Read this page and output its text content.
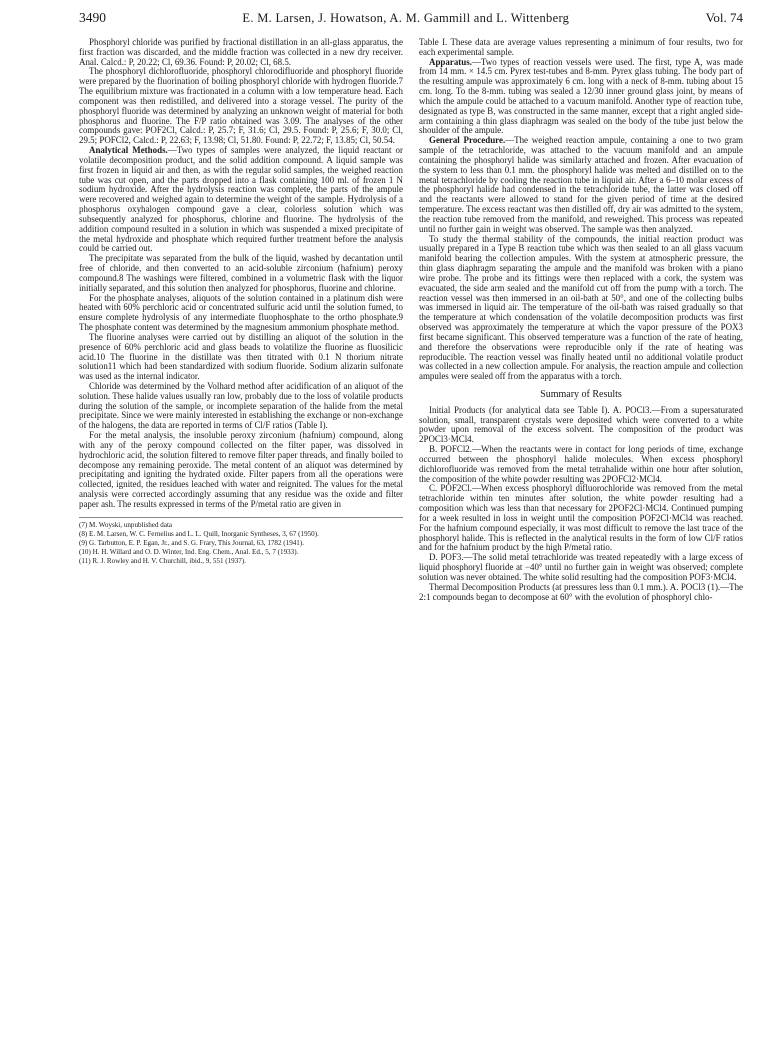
3490	E. M. Larsen, J. Howatson, A. M. Gammill and L. Wittenberg	Vol. 74

Phosphoryl chloride was purified by fractional distillation in an all-glass apparatus, the first fraction was discarded, and the middle fraction was collected in a new dry receiver. Anal. Calcd.: P, 20.22; Cl, 69.36. Found: P, 20.02; Cl, 68.5.

The phosphoryl dichlorofluoride, phosphoryl chlorodifluoride and phosphoryl fluoride were prepared by the fluorination of boiling phosphoryl chloride with hydrogen fluoride.7 The equilibrium mixture was fractionated in a column with a low temperature head. Each component was then redistilled, and delivered into a storage vessel. The purity of the phosphoryl fluoride was determined by analyzing an unknown weight of material for both phosphorus and fluorine. The F/P ratio obtained was 3.09. The analyses of the other compounds gave: POF2Cl, Calcd.: P, 25.7; F, 31.6; Cl, 29.5. Found: P, 25.6; F, 30.0; Cl, 29.5; POFCl2, Calcd.: P, 22.63; F, 13.98; Cl, 51.80. Found: P, 22.72; F, 13.85; Cl, 50.54.

Analytical Methods.—Two types of samples were analyzed, the liquid reactant or volatile decomposition product, and the solid addition compound. A liquid sample was first frozen in liquid air and then, as with the regular solid samples, the weighed reaction tube was cut open, and the parts dropped into a flask containing 100 ml. of frozen 1 N sodium hydroxide. After the hydrolysis reaction was complete, the parts of the ampule were recovered and weighed again to determine the weight of the sample. Hydrolysis of a phosphorus oxyhalogen compound gave a clear, colorless solution which was subsequently analyzed for phosphorus, chlorine and fluorine. The hydrolysis of the addition compound resulted in a solution in which was suspended a mixed precipitate of the metal hydroxide and phosphate which required further treatment before the analysis could be carried out.

The precipitate was separated from the bulk of the liquid, washed by decantation until free of chloride, and then converted to an acid-soluble zirconium (hafnium) peroxy compound.8 The washings were filtered, combined in a volumetric flask with the liquor initially separated, and this solution then analyzed for phosphorus, fluorine and chlorine.

For the phosphate analyses, aliquots of the solution contained in a platinum dish were heated with 60% perchloric acid or concentrated sulfuric acid until the solution fumed, to ensure complete hydrolysis of any intermediate fluophosphate to the ortho phosphate.9 The phosphate content was determined by the magnesium ammonium phosphate method.

The fluorine analyses were carried out by distilling an aliquot of the solution in the presence of 60% perchloric acid and glass beads to volatilize the fluorine as fluosilicic acid.10 The fluorine in the distillate was then titrated with 0.1 N thorium nitrate solution11 which had been standardized with sodium fluoride. Sodium alizarin sulfonate was used as the internal indicator.

Chloride was determined by the Volhard method after acidification of an aliquot of the solution. These halide values usually ran low, probably due to the loss of volatile products during the solution of the sample, or incomplete separation of the halide from the metal precipitate. Since we were mainly interested in establishing the exchange or non-exchange of the halogens, the data are reported in terms of Cl/F ratios (Table I).

For the metal analysis, the insoluble peroxy zirconium (hafnium) compound, along with any of the peroxy compound collected on the filter paper, was dissolved in hydrochloric acid, the solution filtered to remove filter paper threads, and finally boiled to decompose any remaining peroxide. The metal content of an aliquot was determined by precipitating and igniting the hydrated oxide. Filter papers from all the operations were collected, ignited, the residues leached with water and reignited. The values for the metal analysis were corrected accordingly assuming that any residue was the oxide and filter paper ash. The results expressed in terms of the P/metal ratio are given in

(7) M. Woyski, unpublished data
(8) E. M. Larsen, W. C. Fernelius and L. L. Quill, Inorganic Syntheses, 3, 67 (1950).
(9) G. Tarbutton, E. P. Egan, Jr., and S. G. Frary, This Journal, 63, 1782 (1941).
(10) H. H. Willard and O. D. Winter, Ind. Eng. Chem., Anal. Ed., 5, 7 (1933).
(11) R. J. Rowley and H. V. Churchill, ibid., 9, 551 (1937).

Table I. These data are average values representing a minimum of four results, two for each experimental sample.

Apparatus.—Two types of reaction vessels were used. The first, type A, was made from 14 mm. × 14.5 cm. Pyrex test-tubes and 8-mm. Pyrex glass tubing. The body part of the resulting ampule was approximately 6 cm. long with a neck of 8-mm. tubing about 15 cm. long. To the 8-mm. tubing was sealed a 12/30 inner ground glass joint, by means of which the ampule could be attached to a vacuum manifold. Another type of reaction tube, designated as type B, was constructed in the same manner, except that a right angled side-arm containing a thin glass diaphragm was sealed on the body of the tube just below the shoulder of the ampule.

General Procedure.—The weighed reaction ampule, containing a one to two gram sample of the tetrachloride, was attached to the vacuum manifold and an ampule containing the phosphoryl halide was similarly attached and frozen. After evacuation of the system to less than 0.1 mm. the phosphoryl halide was melted and distilled on to the metal tetrachloride by cooling the reaction tube in liquid air. After a 6–10 molar excess of the phosphoryl halide had condensed in the tetrachloride tube, the latter was closed off and the reactants were allowed to stand for the given period of time at the desired temperature. The excess reactant was then distilled off, dry air was admitted to the system, the reaction tube removed from the manifold, and reweighed. This process was repeated until no further gain in weight was observed. The sample was then analyzed.

To study the thermal stability of the compounds, the initial reaction product was usually prepared in a Type B reaction tube which was then sealed to an all glass vacuum manifold bearing the collection ampules. With the system at atmospheric pressure, the thin glass diaphragm separating the ampule and the manifold was broken with a piano wire probe. The probe and its fittings were then replaced with a cork, the system was evacuated, the side arm sealed and the manifold cut off from the pump with a torch. The reaction vessel was then immersed in an oil-bath at 50°, and one of the collecting bulbs was immersed in liquid air. The temperature of the oil-bath was raised gradually so that the temperature at which condensation of the volatile decomposition products was first observed was approximately the temperature at which the vapor pressure of the POX3 first became significant. This observed temperature was a function of the rate of heating, and therefore the observations were reproducible only if the rate of heating was reproducible. The reaction vessel was finally heated until no additional volatile product was collected in a new collection ampule. For analysis, the reaction ampule and collection ampules were sealed off from the apparatus with a torch.

Summary of Results

Initial Products (for analytical data see Table I). A. POCl3.—From a supersaturated solution, small, transparent crystals were deposited which were converted to a white powder upon removal of the excess solvent. The composition of the product was 2POCl3·MCl4.

B. POFCl2.—When the reactants were in contact for long periods of time, exchange occurred between the phosphoryl halide molecules. When excess phosphoryl dichlorofluoride was removed from the metal tetrahalide within one hour after solution, the composition of the white powder resulting was 2POFCl2·MCl4.

C. POF2Cl.—When excess phosphoryl difluorochloride was removed from the metal tetrachloride within ten minutes after solution, the white powder resulting had a composition which was less than that necessary for 2POF2Cl·MCl4. Continued pumping for a week resulted in loss in weight until the composition POF2Cl·MCl4 was reached. For the hafnium compound especially, it was most difficult to remove the last trace of the phosphoryl halide. This is reflected in the analytical results in the form of low Cl/F ratios and for the hafnium product by the high P/metal ratio.

D. POF3.—The solid metal tetrachloride was treated repeatedly with a large excess of liquid phosphoryl fluoride at −40° until no further gain in weight was observed; complete solution was never obtained. The white solid resulting had the composition POF3·MCl4.

Thermal Decomposition Products (at pressures less than 0.1 mm.). A. POCl3 (1).—The 2:1 compounds began to decompose at 60° with the evolution of phosphoryl chlo-
